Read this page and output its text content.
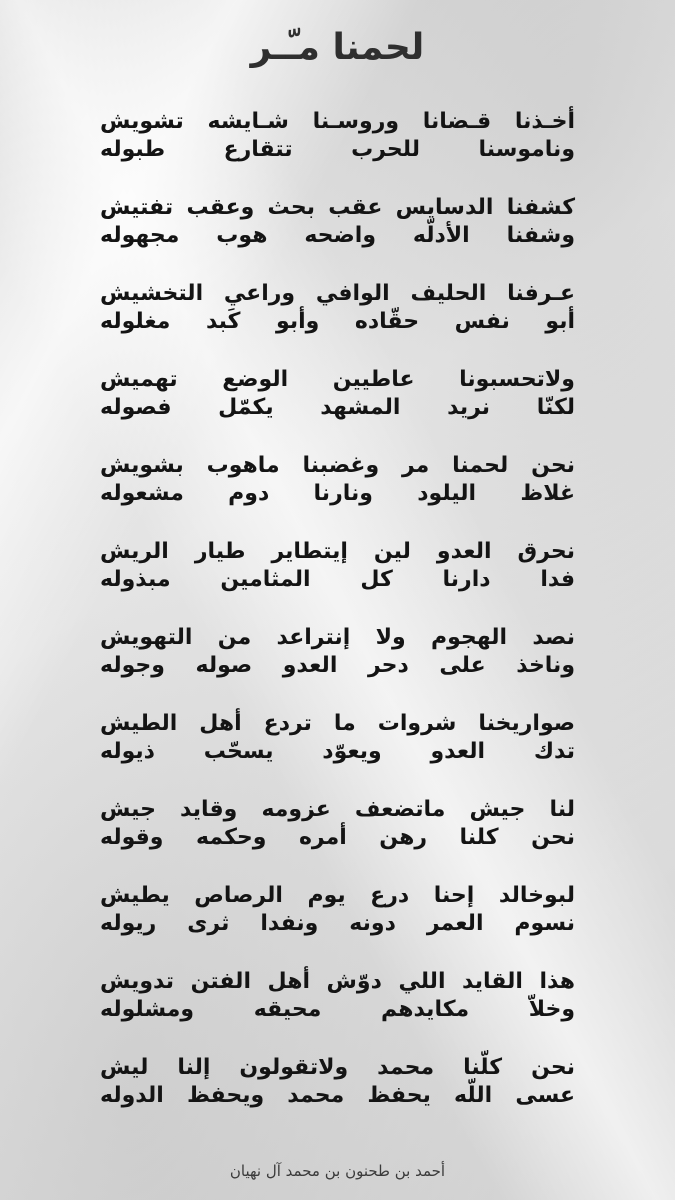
لحمنا مـّـر
أخـذنا قـضانا وروسـنا شـايشه تشويش
وناموسنا للحرب تتقارع طبوله
كشفنا الدسايس عقب بحث وعقب تفتيش
وشفنا الأدلّه واضحه هوب مجهوله
عـرفنا الحليف الوافي وراعي التخشيش
أبو نفس حقّاده وأبو كَبد مغلوله
ولاتحسبونا عاطيين الوضع تهميش
لكنّا نريد المشهد يكمّل فصوله
نحن لحمنا مر وغضبنا ماهوب بشويش
غلاظ اليلود ونارنا دوم مشعوله
نحرق العدو لين إيتطاير طيار الريش
فدا دارنا كل المثامين مبذوله
نصد الهجوم ولا إنتراعد من التهويش
وناخذ على دحر العدو صوله وجوله
صواريخنا شروات ما تردع أهل الطيش
تدك العدو ويعوّد يسحّب ذيوله
لنا جيش ماتضعف عزومه وقايد جيش
نحن كلنا رهن أمره وحكمه وقوله
لبوخالد إحنا درع يوم الرصاص يطيش
نسوم العمر دونه ونفدا ثرى ريوله
هذا القايد اللي دوّش أهل الفتن تدويش
وخلاّ مكايدهم محيقه ومشلوله
نحن كلّنا محمد ولاتقولون إلنا ليش
عسى اللّه يحفظ محمد ويحفظ الدوله
أحمد بن طحنون بن محمد آل نهيان
